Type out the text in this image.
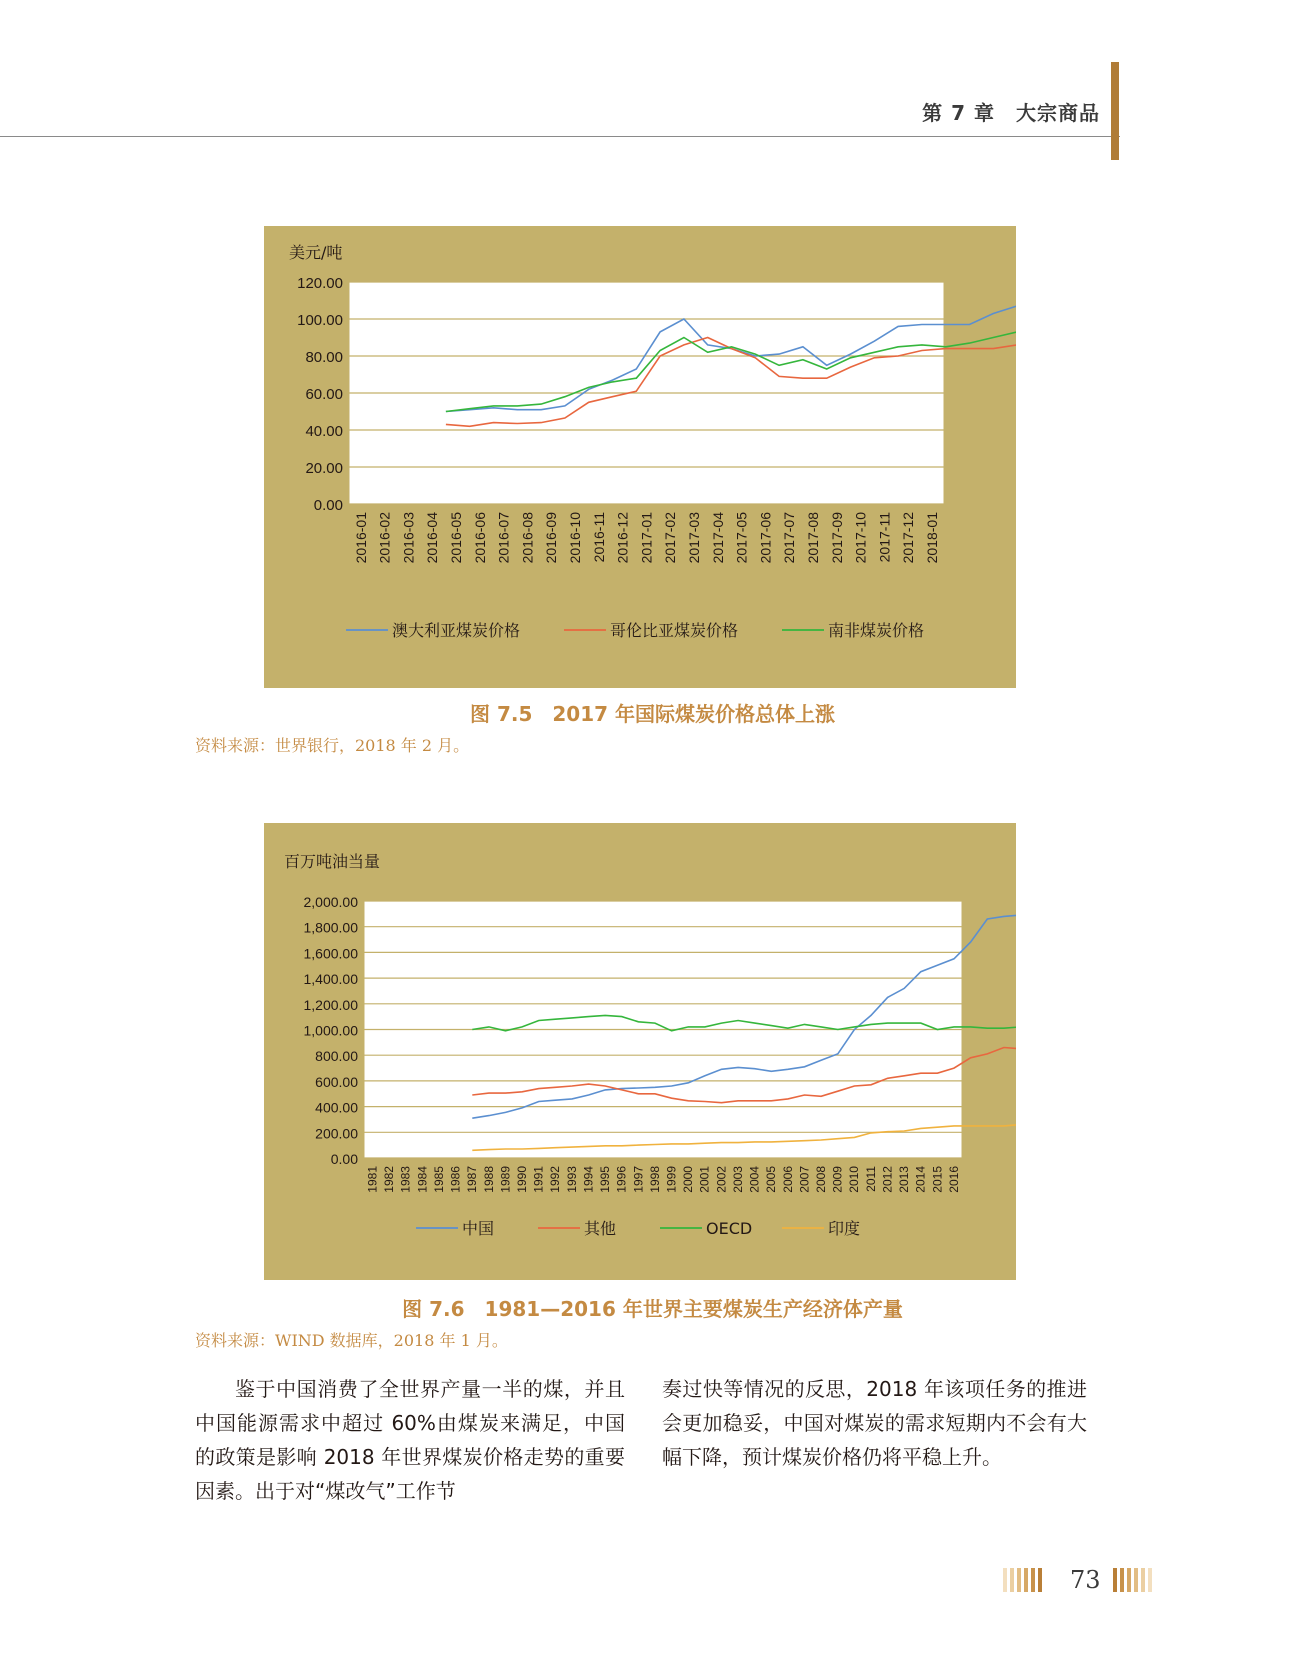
第 7 章　 大宗商品
0.00
20.00
40.00
60.00
80.00
100.00
120.00
美元/吨
2016-01 2016-02 2016-03 2016-04 2016-05 2016-06 2016-07 2016-08 2016-09 2016-10 2016-11 2016-12 2017-01 2017-02 2017-03 2017-04 2017-05 2017-06 2017-07 2017-08 2017-09 2017-10 2017-11 2017-12 2018-01
澳大利亚煤炭价格	哥伦比亚煤炭价格	南非煤炭价格
图 7.5　2017 年国际煤炭价格总体上涨
资料来源：世界银行，2018 年 2 月。
0.00
200.00
400.00
600.00
800.00
1,000.00
1,200.00
1,400.00
1,600.00
1,800.00
2,000.00
百万吨油当量
1981 1982 1983 1984 1985 1986 1987 1988 1989 1990 1991 1992 1993 1994 1995 1996 1997 1998 1999 2000 2001 2002 2003 2004 2005 2006 2007 2008 2009 2010 2011 2012 2013 2014 2015 2016
中国	其他	OECD	印度
图 7.6　1981—2016 年世界主要煤炭生产经济体产量
资料来源：WIND 数据库，2018 年 1 月。

鉴于中国消费了全世界产量一半的煤，并且中国能源需求中超过 60%由煤炭来满足，中国的政策是影响 2018 年世界煤炭价格走势的重要因素。出于对“煤改气”工作节

奏过快等情况的反思，2018 年该项任务的推进会更加稳妥，中国对煤炭的需求短期内不会有大幅下降，预计煤炭价格仍将平稳上升。

73
